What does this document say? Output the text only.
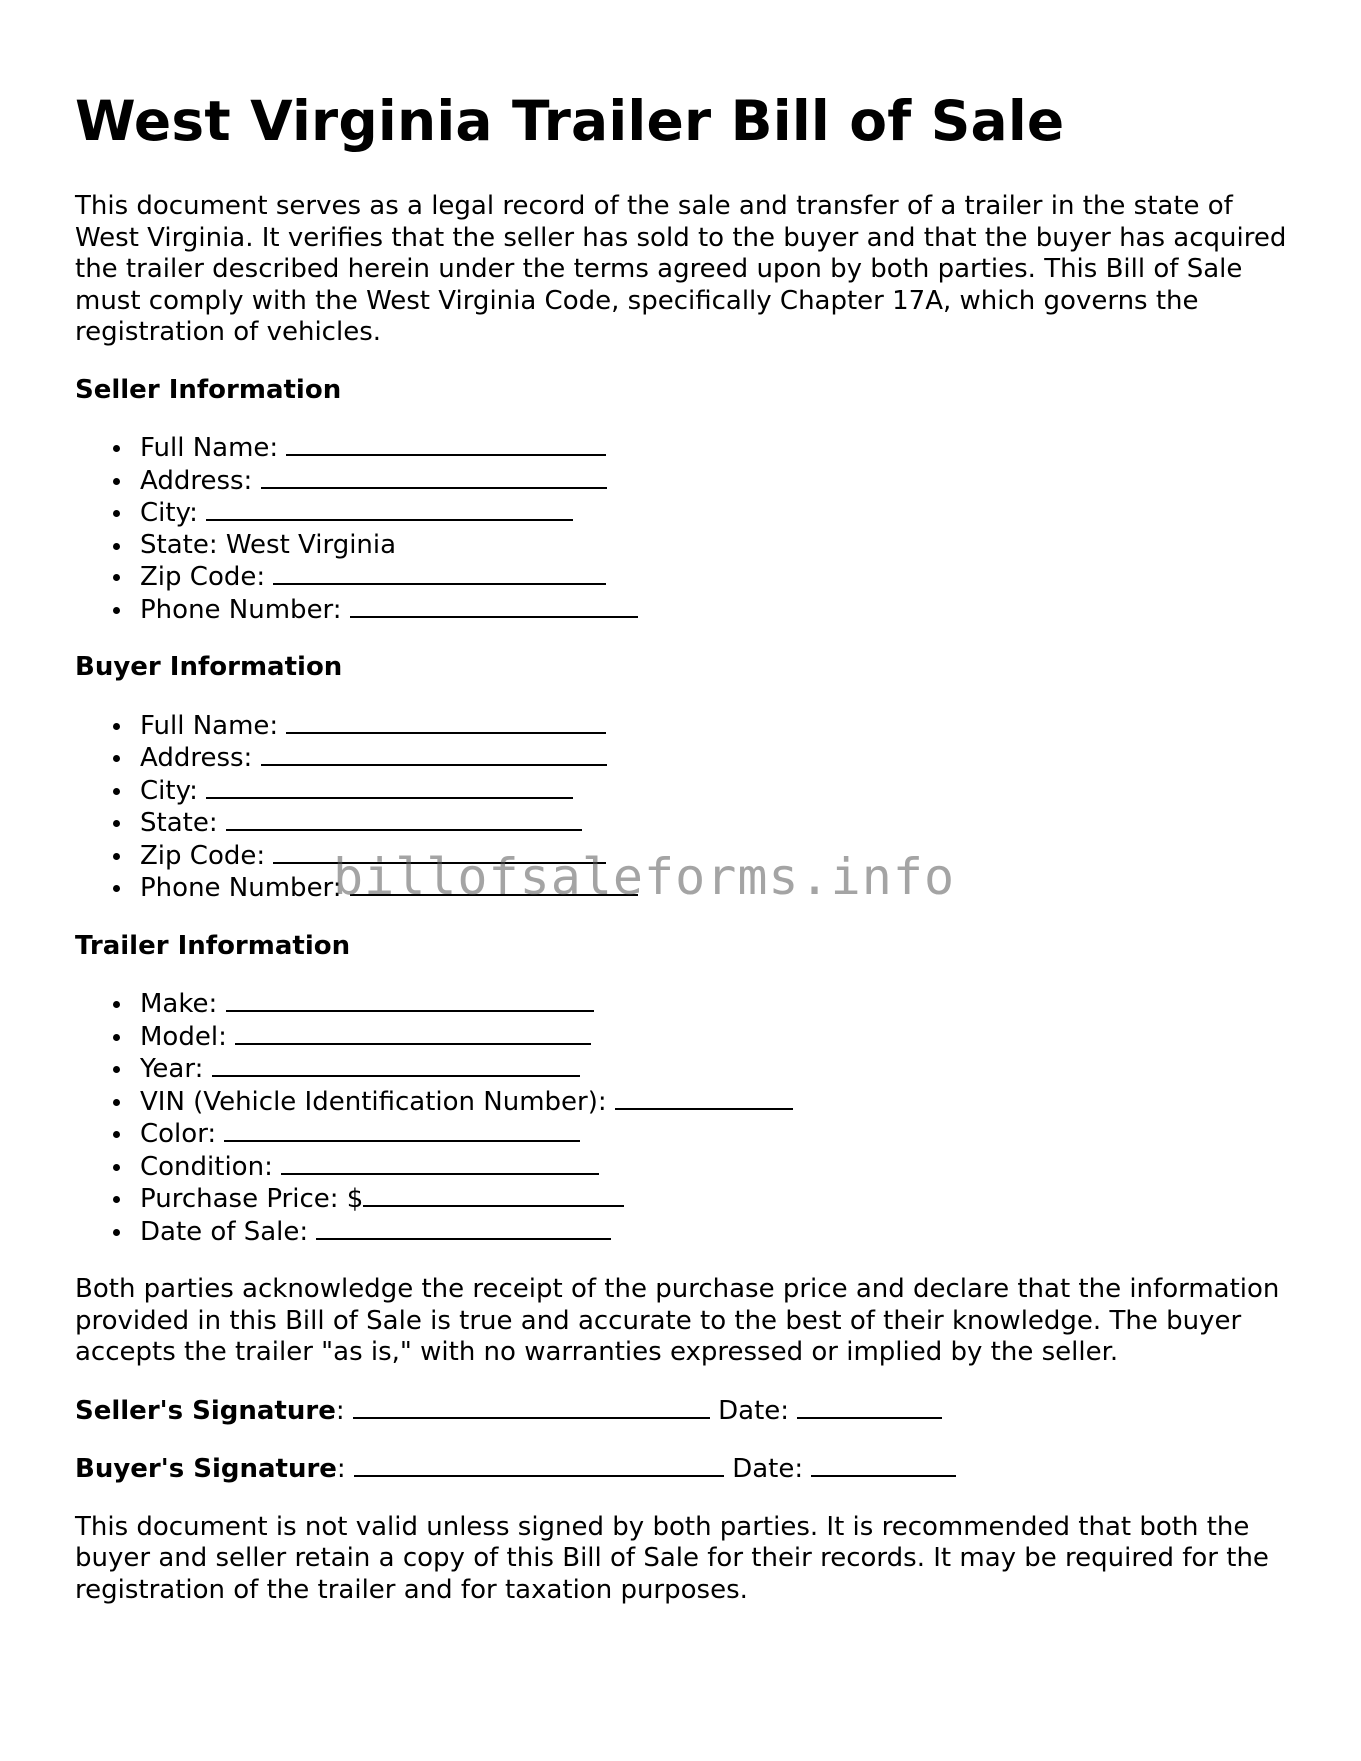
West Virginia Trailer Bill of Sale

This document serves as a legal record of the sale and transfer of a trailer in the state of West Virginia. It verifies that the seller has sold to the buyer and that the buyer has acquired the trailer described herein under the terms agreed upon by both parties. This Bill of Sale must comply with the West Virginia Code, specifically Chapter 17A, which governs the registration of vehicles.

Seller Information
Full Name:
Address:
City:
State: West Virginia
Zip Code:
Phone Number:
Buyer Information
Full Name:
Address:
City:
State:
Zip Code:
Phone Number:
Trailer Information
Make:
Model:
Year:
VIN (Vehicle Identification Number):
Color:
Condition:
Purchase Price: $
Date of Sale:

Both parties acknowledge the receipt of the purchase price and declare that the information provided in this Bill of Sale is true and accurate to the best of their knowledge. The buyer accepts the trailer "as is," with no warranties expressed or implied by the seller.

Seller's Signature:	Date:
Buyer's Signature:	Date:

This document is not valid unless signed by both parties. It is recommended that both the buyer and seller retain a copy of this Bill of Sale for their records. It may be required for the registration of the trailer and for taxation purposes.

billofsaleforms.info
